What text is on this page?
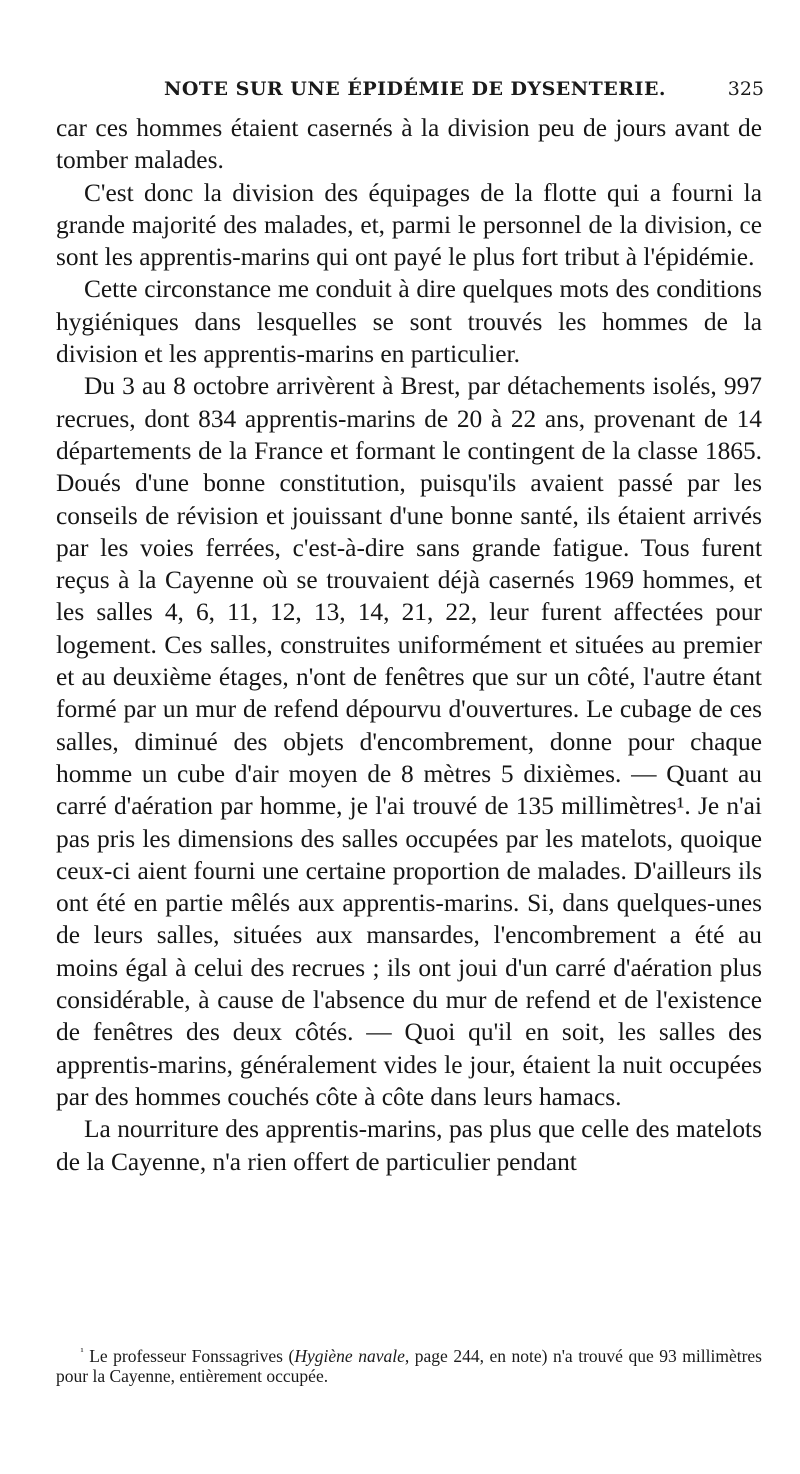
NOTE SUR UNE ÉPIDÉMIE DE DYSENTERIE.	325

car ces hommes étaient casernés à la division peu de jours avant de tomber malades.

C'est donc la division des équipages de la flotte qui a fourni la grande majorité des malades, et, parmi le personnel de la division, ce sont les apprentis-marins qui ont payé le plus fort tribut à l'épidémie.

Cette circonstance me conduit à dire quelques mots des conditions hygiéniques dans lesquelles se sont trouvés les hommes de la division et les apprentis-marins en particulier.

Du 3 au 8 octobre arrivèrent à Brest, par détachements isolés, 997 recrues, dont 834 apprentis-marins de 20 à 22 ans, provenant de 14 départements de la France et formant le contingent de la classe 1865. Doués d'une bonne constitution, puisqu'ils avaient passé par les conseils de révision et jouissant d'une bonne santé, ils étaient arrivés par les voies ferrées, c'est-à-dire sans grande fatigue. Tous furent reçus à la Cayenne où se trouvaient déjà casernés 1969 hommes, et les salles 4, 6, 11, 12, 13, 14, 21, 22, leur furent affectées pour logement. Ces salles, construites uniformément et situées au premier et au deuxième étages, n'ont de fenêtres que sur un côté, l'autre étant formé par un mur de refend dépourvu d'ouvertures. Le cubage de ces salles, diminué des objets d'encombrement, donne pour chaque homme un cube d'air moyen de 8 mètres 5 dixièmes. — Quant au carré d'aération par homme, je l'ai trouvé de 135 millimètres¹. Je n'ai pas pris les dimensions des salles occupées par les matelots, quoique ceux-ci aient fourni une certaine proportion de malades. D'ailleurs ils ont été en partie mêlés aux apprentis-marins. Si, dans quelques-unes de leurs salles, situées aux mansardes, l'encombrement a été au moins égal à celui des recrues ; ils ont joui d'un carré d'aération plus considérable, à cause de l'absence du mur de refend et de l'existence de fenêtres des deux côtés. — Quoi qu'il en soit, les salles des apprentis-marins, généralement vides le jour, étaient la nuit occupées par des hommes couchés côte à côte dans leurs hamacs.

La nourriture des apprentis-marins, pas plus que celle des matelots de la Cayenne, n'a rien offert de particulier pendant

$^{^1}$ Le professeur Fonssagrives (Hygiène navale, page 244, en note) n'a trouvé que 93 millimètres pour la Cayenne, entièrement occupée.
